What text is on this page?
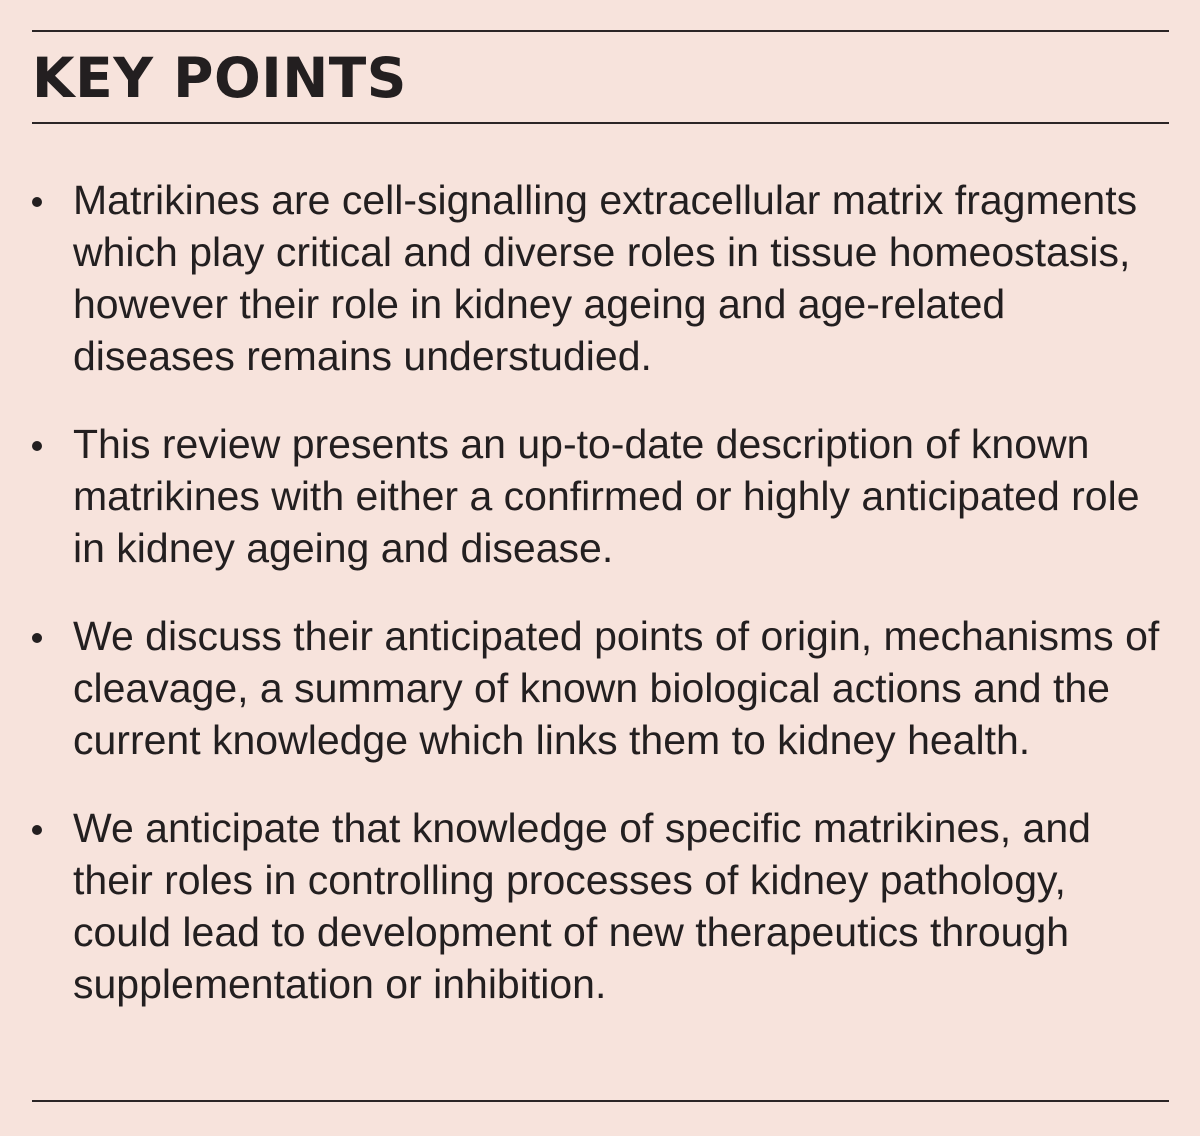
KEY POINTS
Matrikines are cell-signalling extracellular matrix fragments which play critical and diverse roles in tissue homeostasis, however their role in kidney ageing and age-related diseases remains understudied.
This review presents an up-to-date description of known matrikines with either a confirmed or highly anticipated role in kidney ageing and disease.
We discuss their anticipated points of origin, mechanisms of cleavage, a summary of known biological actions and the current knowledge which links them to kidney health.
We anticipate that knowledge of specific matrikines, and their roles in controlling processes of kidney pathology, could lead to development of new therapeutics through supplementation or inhibition.
